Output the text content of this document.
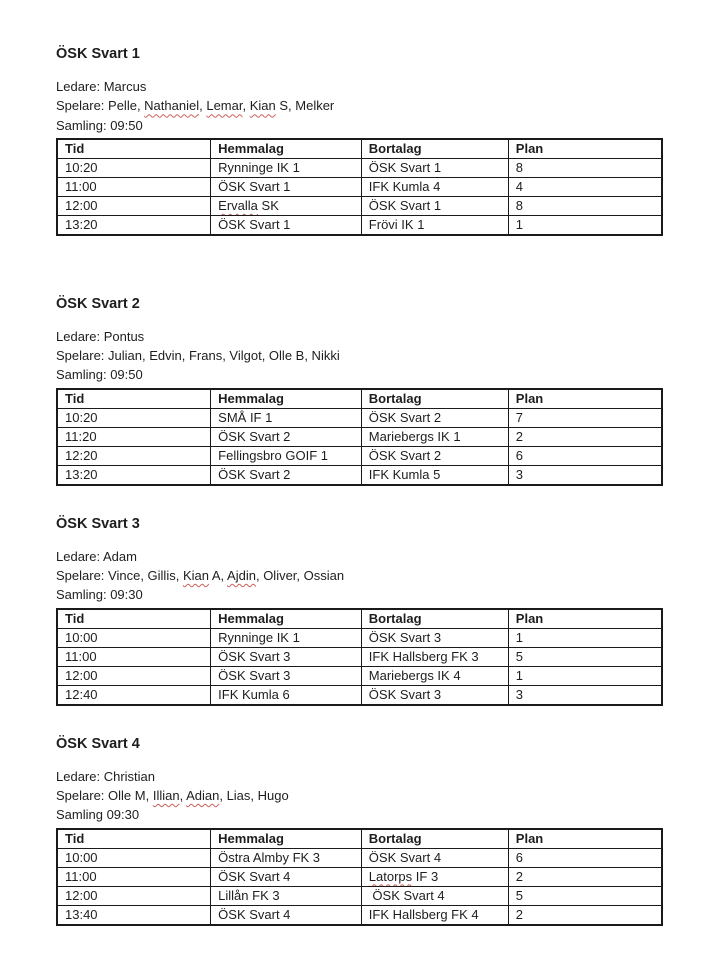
ÖSK Svart 1

Ledare: Marcus

Spelare: Pelle, Nathaniel, Lemar, Kian S, Melker

Samling: 09:50

Tid	Hemmalag	Bortalag	Plan
10:20	Rynninge IK 1	ÖSK Svart 1	8
11:00	ÖSK Svart 1	IFK Kumla 4	4
12:00	Ervalla SK	ÖSK Svart 1	8
13:20	ÖSK Svart 1	Frövi IK 1	1
ÖSK Svart 2

Ledare: Pontus

Spelare: Julian, Edvin, Frans, Vilgot, Olle B, Nikki

Samling: 09:50

Tid	Hemmalag	Bortalag	Plan
10:20	SMÅ IF 1	ÖSK Svart 2	7
11:20	ÖSK Svart 2	Mariebergs IK 1	2
12:20	Fellingsbro GOIF 1	ÖSK Svart 2	6
13:20	ÖSK Svart 2	IFK Kumla 5	3
ÖSK Svart 3

Ledare: Adam

Spelare: Vince, Gillis, Kian A, Ajdin, Oliver, Ossian

Samling: 09:30

Tid	Hemmalag	Bortalag	Plan
10:00	Rynninge IK 1	ÖSK Svart 3	1
11:00	ÖSK Svart 3	IFK Hallsberg FK 3	5
12:00	ÖSK Svart 3	Mariebergs IK 4	1
12:40	IFK Kumla 6	ÖSK Svart 3	3
ÖSK Svart 4

Ledare: Christian

Spelare: Olle M, Illian, Adian, Lias, Hugo

Samling 09:30

Tid	Hemmalag	Bortalag	Plan
10:00	Östra Almby FK 3	ÖSK Svart 4	6
11:00	ÖSK Svart 4	Latorps IF 3	2
12:00	Lillån FK 3	ÖSK Svart 4	5
13:40	ÖSK Svart 4	IFK Hallsberg FK 4	2
